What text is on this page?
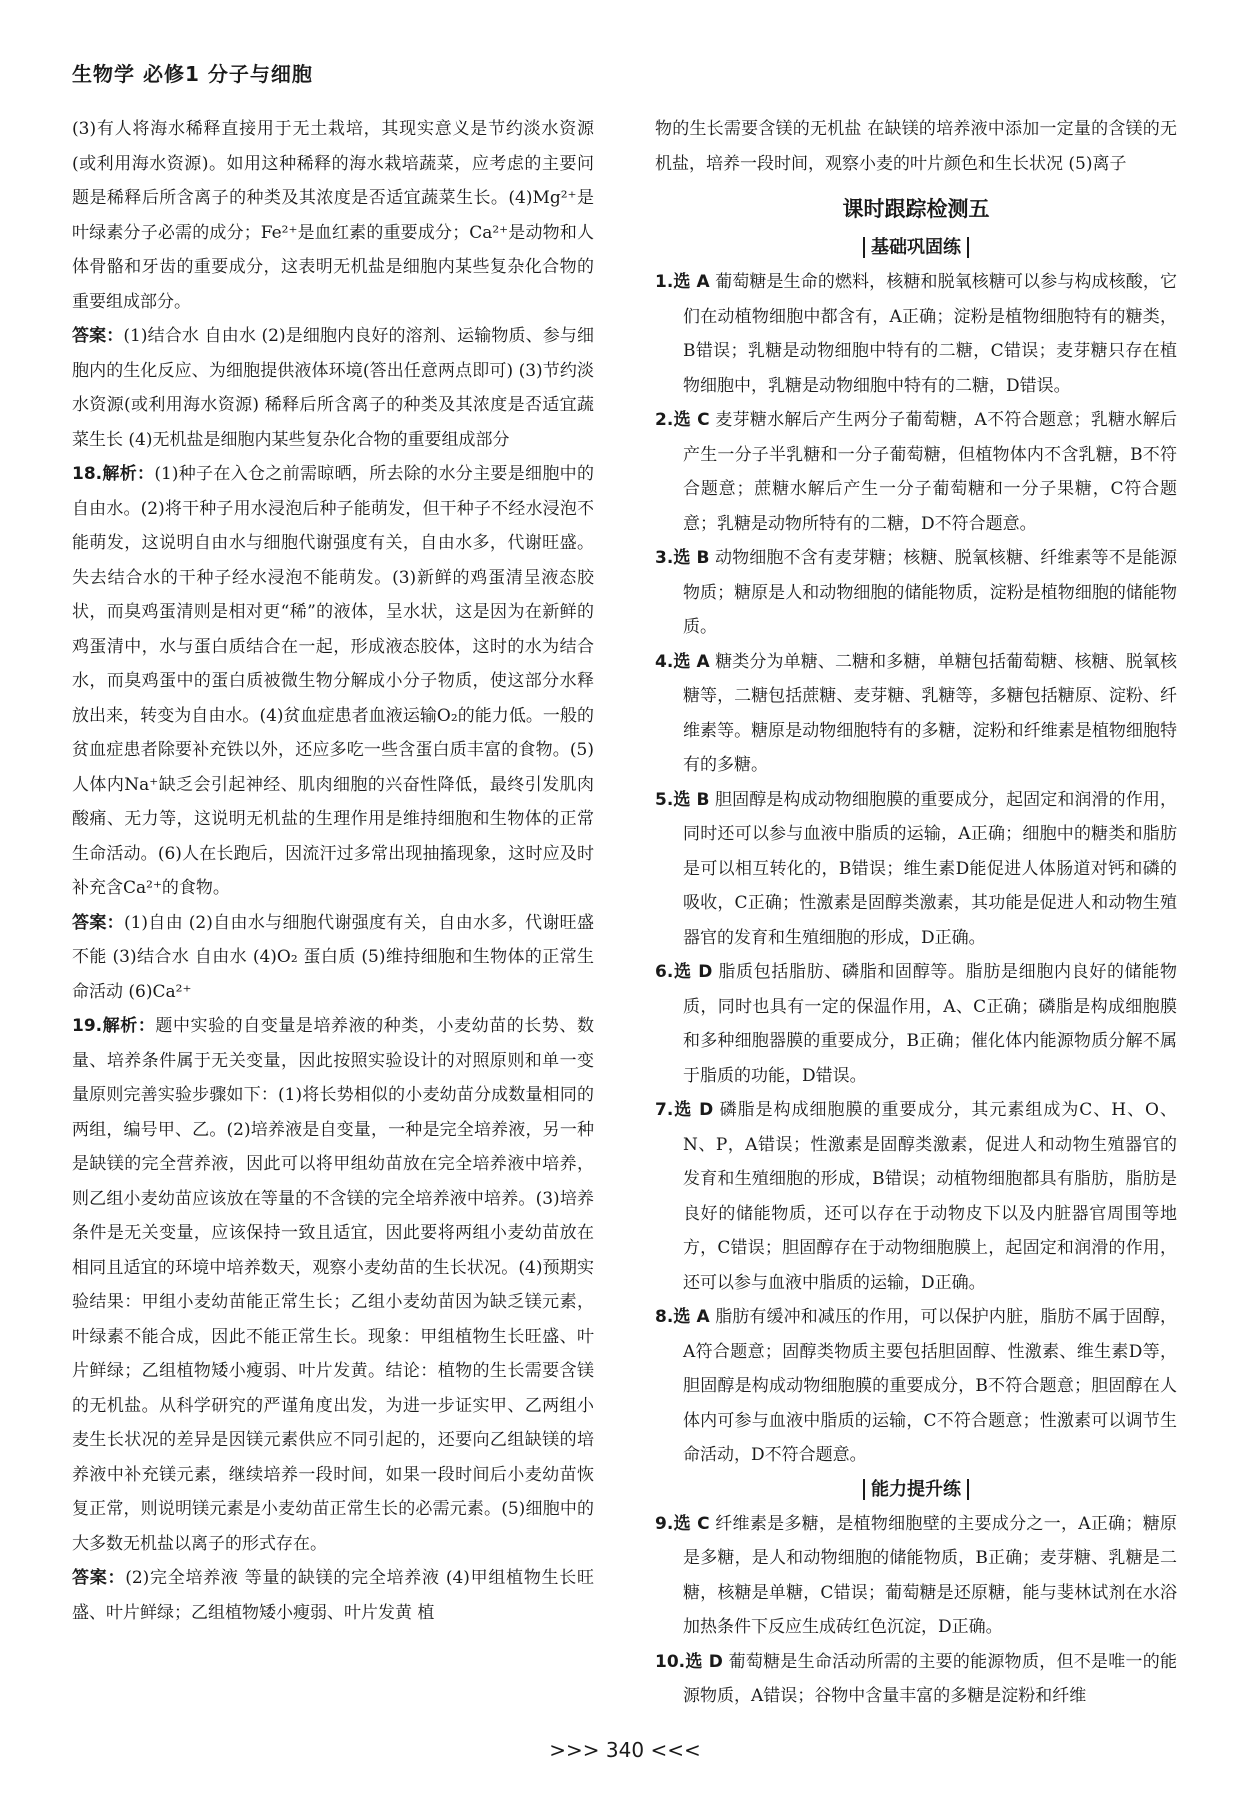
生物学 必修1 分子与细胞

(3)有人将海水稀释直接用于无土栽培，其现实意义是节约淡水资源(或利用海水资源)。如用这种稀释的海水栽培蔬菜，应考虑的主要问题是稀释后所含离子的种类及其浓度是否适宜蔬菜生长。(4)Mg²⁺是叶绿素分子必需的成分；Fe²⁺是血红素的重要成分；Ca²⁺是动物和人体骨骼和牙齿的重要成分，这表明无机盐是细胞内某些复杂化合物的重要组成部分。

答案：(1)结合水 自由水 (2)是细胞内良好的溶剂、运输物质、参与细胞内的生化反应、为细胞提供液体环境(答出任意两点即可) (3)节约淡水资源(或利用海水资源) 稀释后所含离子的种类及其浓度是否适宜蔬菜生长 (4)无机盐是细胞内某些复杂化合物的重要组成部分

18.解析：(1)种子在入仓之前需晾晒，所去除的水分主要是细胞中的自由水。(2)将干种子用水浸泡后种子能萌发，但干种子不经水浸泡不能萌发，这说明自由水与细胞代谢强度有关，自由水多，代谢旺盛。失去结合水的干种子经水浸泡不能萌发。(3)新鲜的鸡蛋清呈液态胶状，而臭鸡蛋清则是相对更“稀”的液体，呈水状，这是因为在新鲜的鸡蛋清中，水与蛋白质结合在一起，形成液态胶体，这时的水为结合水，而臭鸡蛋中的蛋白质被微生物分解成小分子物质，使这部分水释放出来，转变为自由水。(4)贫血症患者血液运输O₂的能力低。一般的贫血症患者除要补充铁以外，还应多吃一些含蛋白质丰富的食物。(5)人体内Na⁺缺乏会引起神经、肌肉细胞的兴奋性降低，最终引发肌肉酸痛、无力等，这说明无机盐的生理作用是维持细胞和生物体的正常生命活动。(6)人在长跑后，因流汗过多常出现抽搐现象，这时应及时补充含Ca²⁺的食物。

答案：(1)自由 (2)自由水与细胞代谢强度有关，自由水多，代谢旺盛 不能 (3)结合水 自由水 (4)O₂ 蛋白质 (5)维持细胞和生物体的正常生命活动 (6)Ca²⁺

19.解析：题中实验的自变量是培养液的种类，小麦幼苗的长势、数量、培养条件属于无关变量，因此按照实验设计的对照原则和单一变量原则完善实验步骤如下：(1)将长势相似的小麦幼苗分成数量相同的两组，编号甲、乙。(2)培养液是自变量，一种是完全培养液，另一种是缺镁的完全营养液，因此可以将甲组幼苗放在完全培养液中培养，则乙组小麦幼苗应该放在等量的不含镁的完全培养液中培养。(3)培养条件是无关变量，应该保持一致且适宜，因此要将两组小麦幼苗放在相同且适宜的环境中培养数天，观察小麦幼苗的生长状况。(4)预期实验结果：甲组小麦幼苗能正常生长；乙组小麦幼苗因为缺乏镁元素，叶绿素不能合成，因此不能正常生长。现象：甲组植物生长旺盛、叶片鲜绿；乙组植物矮小瘦弱、叶片发黄。结论：植物的生长需要含镁的无机盐。从科学研究的严谨角度出发，为进一步证实甲、乙两组小麦生长状况的差异是因镁元素供应不同引起的，还要向乙组缺镁的培养液中补充镁元素，继续培养一段时间，如果一段时间后小麦幼苗恢复正常，则说明镁元素是小麦幼苗正常生长的必需元素。(5)细胞中的大多数无机盐以离子的形式存在。

答案：(2)完全培养液 等量的缺镁的完全培养液 (4)甲组植物生长旺盛、叶片鲜绿；乙组植物矮小瘦弱、叶片发黄 植

物的生长需要含镁的无机盐 在缺镁的培养液中添加一定量的含镁的无机盐，培养一段时间，观察小麦的叶片颜色和生长状况 (5)离子

课时跟踪检测五

基础巩固练

1.选 A 葡萄糖是生命的燃料，核糖和脱氧核糖可以参与构成核酸，它们在动植物细胞中都含有，A正确；淀粉是植物细胞特有的糖类，B错误；乳糖是动物细胞中特有的二糖，C错误；麦芽糖只存在植物细胞中，乳糖是动物细胞中特有的二糖，D错误。

2.选 C 麦芽糖水解后产生两分子葡萄糖，A不符合题意；乳糖水解后产生一分子半乳糖和一分子葡萄糖，但植物体内不含乳糖，B不符合题意；蔗糖水解后产生一分子葡萄糖和一分子果糖，C符合题意；乳糖是动物所特有的二糖，D不符合题意。

3.选 B 动物细胞不含有麦芽糖；核糖、脱氧核糖、纤维素等不是能源物质；糖原是人和动物细胞的储能物质，淀粉是植物细胞的储能物质。

4.选 A 糖类分为单糖、二糖和多糖，单糖包括葡萄糖、核糖、脱氧核糖等，二糖包括蔗糖、麦芽糖、乳糖等，多糖包括糖原、淀粉、纤维素等。糖原是动物细胞特有的多糖，淀粉和纤维素是植物细胞特有的多糖。

5.选 B 胆固醇是构成动物细胞膜的重要成分，起固定和润滑的作用，同时还可以参与血液中脂质的运输，A正确；细胞中的糖类和脂肪是可以相互转化的，B错误；维生素D能促进人体肠道对钙和磷的吸收，C正确；性激素是固醇类激素，其功能是促进人和动物生殖器官的发育和生殖细胞的形成，D正确。

6.选 D 脂质包括脂肪、磷脂和固醇等。脂肪是细胞内良好的储能物质，同时也具有一定的保温作用，A、C正确；磷脂是构成细胞膜和多种细胞器膜的重要成分，B正确；催化体内能源物质分解不属于脂质的功能，D错误。

7.选 D 磷脂是构成细胞膜的重要成分，其元素组成为C、H、O、N、P，A错误；性激素是固醇类激素，促进人和动物生殖器官的发育和生殖细胞的形成，B错误；动植物细胞都具有脂肪，脂肪是良好的储能物质，还可以存在于动物皮下以及内脏器官周围等地方，C错误；胆固醇存在于动物细胞膜上，起固定和润滑的作用，还可以参与血液中脂质的运输，D正确。

8.选 A 脂肪有缓冲和减压的作用，可以保护内脏，脂肪不属于固醇，A符合题意；固醇类物质主要包括胆固醇、性激素、维生素D等，胆固醇是构成动物细胞膜的重要成分，B不符合题意；胆固醇在人体内可参与血液中脂质的运输，C不符合题意；性激素可以调节生命活动，D不符合题意。

能力提升练

9.选 C 纤维素是多糖，是植物细胞壁的主要成分之一，A正确；糖原是多糖，是人和动物细胞的储能物质，B正确；麦芽糖、乳糖是二糖，核糖是单糖，C错误；葡萄糖是还原糖，能与斐林试剂在水浴加热条件下反应生成砖红色沉淀，D正确。

10.选 D 葡萄糖是生命活动所需的主要的能源物质，但不是唯一的能源物质，A错误；谷物中含量丰富的多糖是淀粉和纤维

>>> 340 <<<
